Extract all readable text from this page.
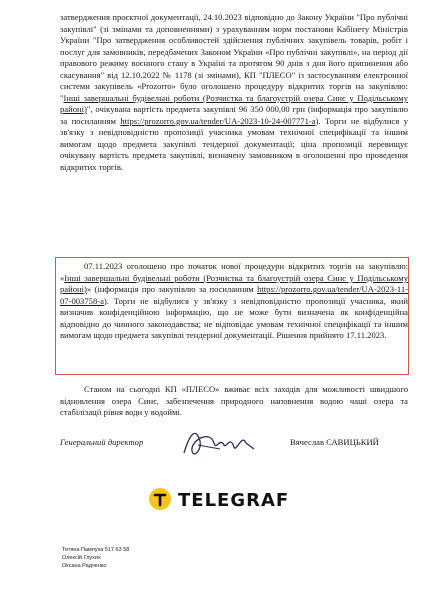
затвердження проєктної документації, 24.10.2023 відповідно до Закону України "Про публічні закупівлі" (зі змінами та доповненнями) з урахуванням норм постанови Кабінету Міністрів України "Про затвердження особливостей здійснення публічних закупівель товарів, робіт і послуг для замовників, передбачених Законом України «Про публічні закупівлі», на період дії правового режиму воєнного стану в Україні та протягом 90 днів з дня його припинення або скасування" від 12.10.2022 № 1178 (зі змінами), КП "ПЛЕСО" із застосуванням електронної системи закупівель «Prozorro» було оголошено процедуру відкритих торгів на закупівлю: "Інші завершальні будівельні роботи (Розчистка та благоустрій озера Синє у Подільському районі)", очікувана вартість предмета закупівлі 96 350 000,00 грн (інформація про закупівлю за посиланням https://prozorro.gov.ua/tender/UA-2023-10-24-007771-a). Торги не відбулися у зв'язку з невідповідністю пропозиції учасника умовам технічної специфікації та іншим вимогам щодо предмета закупівлі тендерної документації; ціна пропозиції перевищує очікувану вартість предмета закупівлі, визначену замовником в оголошенні про проведення відкритих торгів.
07.11.2023 оголошено про початок нової процедури відкритих торгів на закупівлю: «Інші завершальні будівельні роботи (Розчистка та благоустрій озера Синє у Подільському районі)» (інформація про закупівлю за посиланням https://prozorro.gov.ua/tender/UA-2023-11-07-003758-a). Торги не відбулися у зв'язку з невідповідністю пропозиції учасника, який визначив конфіденційною інформацію, що не може бути визначена як конфіденційна відповідно до чинного законодавства; не відповідає умовам технічної специфікації та іншим вимогам щодо предмета закупівлі тендерної документації. Рішення прийнято 17.11.2023.
Станом на сьогодні КП «ПЛЕСО» вживає всіх заходів для можливості швидшого відновлення озера Синє, забезпечення природного наповнення водою чаші озера та стабілізації рівня води у водоймі.
Генеральний директор	Вячеслав САВИЦЬКИЙ
TELEGRAF
Тетяна Пампуха 517 63 58
Олексій Глухих
Оксана Радченко
